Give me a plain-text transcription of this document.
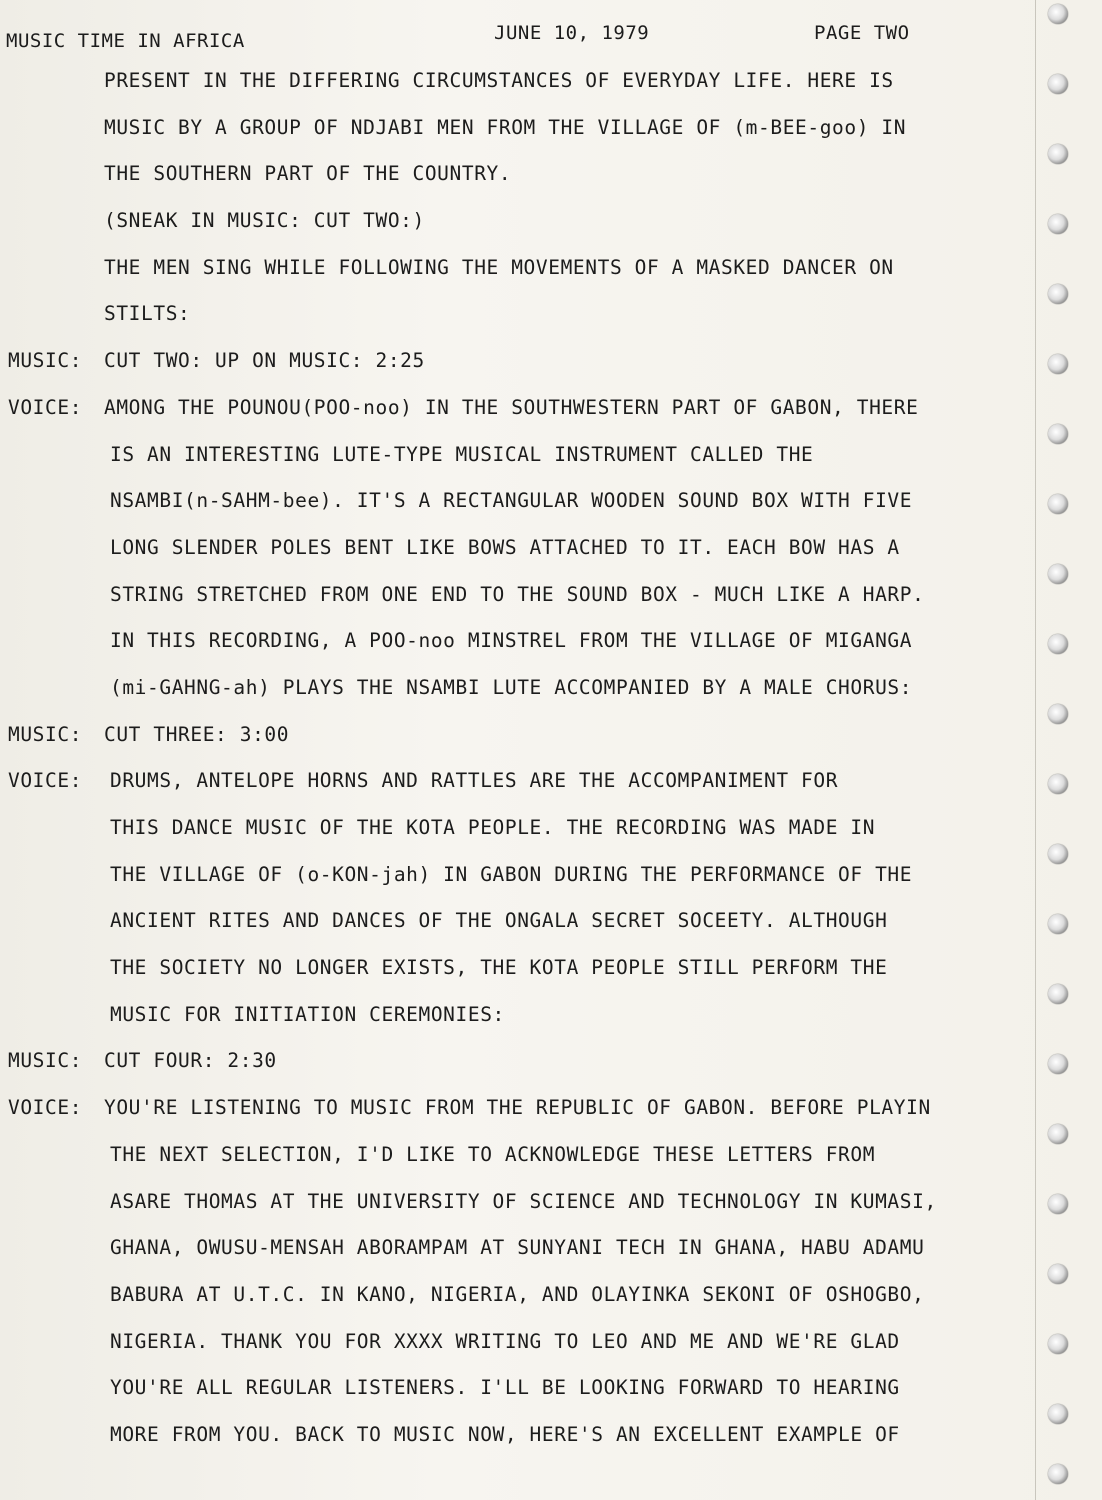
MUSIC TIME IN AFRICA	JUNE 10, 1979	PAGE TWO
PRESENT IN THE DIFFERING CIRCUMSTANCES OF EVERYDAY LIFE. HERE IS
MUSIC BY A GROUP OF NDJABI MEN FROM THE VILLAGE OF (m-BEE-goo) IN
THE SOUTHERN PART OF THE COUNTRY.
(SNEAK IN MUSIC: CUT TWO:)
THE MEN SING WHILE FOLLOWING THE MOVEMENTS OF A MASKED DANCER ON
STILTS:
MUSIC: CUT TWO: UP ON MUSIC: 2:25
VOICE: AMONG THE POUNOU(POO-noo) IN THE SOUTHWESTERN PART OF GABON, THERE
IS AN INTERESTING LUTE-TYPE MUSICAL INSTRUMENT CALLED THE
NSAMBI(n-SAHM-bee). IT'S A RECTANGULAR WOODEN SOUND BOX WITH FIVE
LONG SLENDER POLES BENT LIKE BOWS ATTACHED TO IT. EACH BOW HAS A
STRING STRETCHED FROM ONE END TO THE SOUND BOX - MUCH LIKE A HARP.
IN THIS RECORDING, A POO-noo MINSTREL FROM THE VILLAGE OF MIGANGA
(mi-GAHNG-ah) PLAYS THE NSAMBI LUTE ACCOMPANIED BY A MALE CHORUS:
MUSIC: CUT THREE: 3:00
VOICE: DRUMS, ANTELOPE HORNS AND RATTLES ARE THE ACCOMPANIMENT FOR
THIS DANCE MUSIC OF THE KOTA PEOPLE. THE RECORDING WAS MADE IN
THE VILLAGE OF (o-KON-jah) IN GABON DURING THE PERFORMANCE OF THE
ANCIENT RITES AND DANCES OF THE ONGALA SECRET SOCEETY. ALTHOUGH
THE SOCIETY NO LONGER EXISTS, THE KOTA PEOPLE STILL PERFORM THE
MUSIC FOR INITIATION CEREMONIES:
MUSIC: CUT FOUR: 2:30
VOICE: YOU'RE LISTENING TO MUSIC FROM THE REPUBLIC OF GABON. BEFORE PLAYIN
THE NEXT SELECTION, I'D LIKE TO ACKNOWLEDGE THESE LETTERS FROM
ASARE THOMAS AT THE UNIVERSITY OF SCIENCE AND TECHNOLOGY IN KUMASI,
GHANA, OWUSU-MENSAH ABORAMPAM AT SUNYANI TECH IN GHANA, HABU ADAMU
BABURA AT U.T.C. IN KANO, NIGERIA, AND OLAYINKA SEKONI OF OSHOGBO,
NIGERIA. THANK YOU FOR XXXX WRITING TO LEO AND ME AND WE'RE GLAD
YOU'RE ALL REGULAR LISTENERS. I'LL BE LOOKING FORWARD TO HEARING
MORE FROM YOU. BACK TO MUSIC NOW, HERE'S AN EXCELLENT EXAMPLE OF
